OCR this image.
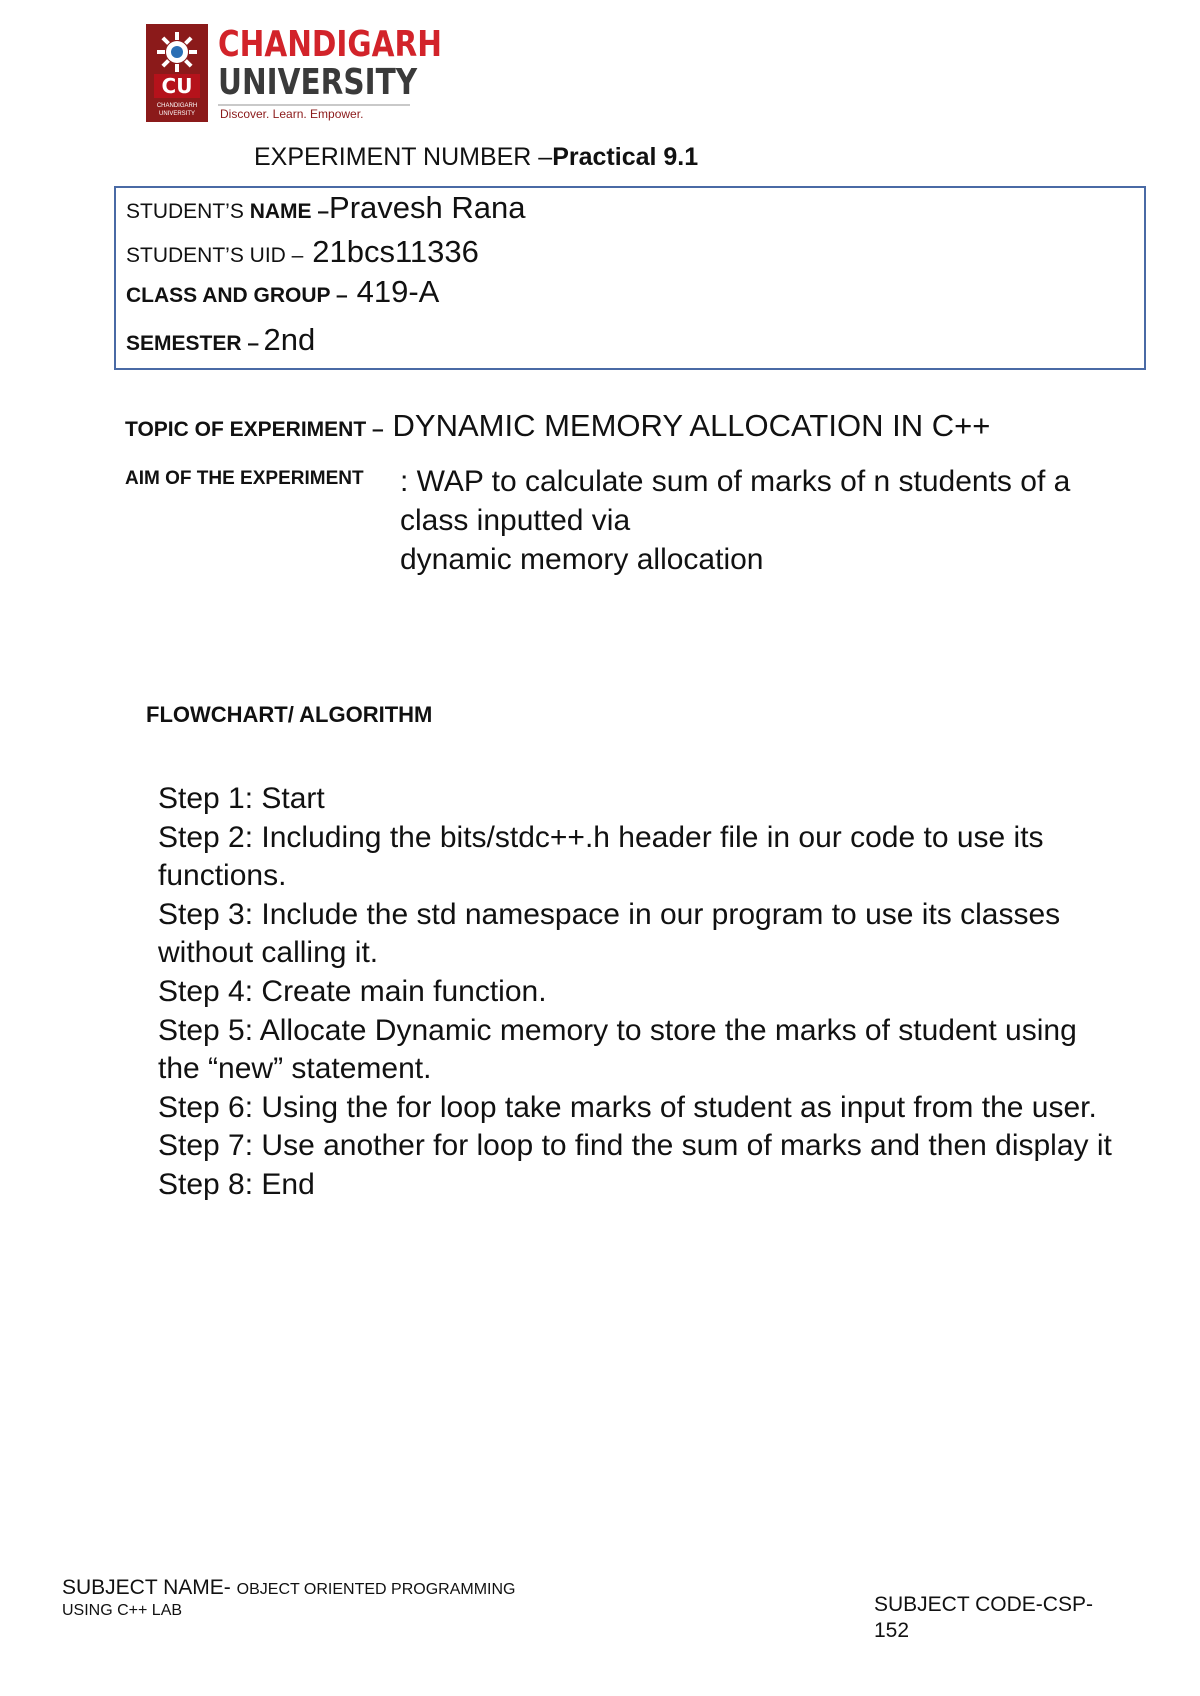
CU
CHANDIGARH UNIVERSITY
CHANDIGARH
UNIVERSITY
Discover. Learn. Empower.
EXPERIMENT NUMBER –Practical 9.1
STUDENT’S NAME –Pravesh Rana
STUDENT’S UID – 21bcs11336
CLASS AND GROUP – 419-A
SEMESTER – 2nd
TOPIC OF EXPERIMENT – DYNAMIC MEMORY ALLOCATION IN C++
AIM OF THE EXPERIMENT : WAP to calculate sum of marks of n students of a
class inputted via
dynamic memory allocation
FLOWCHART/ ALGORITHM
Step 1: Start
Step 2: Including the bits/stdc++.h header file in our code to use its
functions.
Step 3: Include the std namespace in our program to use its classes
without calling it.
Step 4: Create main function.
Step 5: Allocate Dynamic memory to store the marks of student using
the “new” statement.
Step 6: Using the for loop take marks of student as input from the user.
Step 7: Use another for loop to find the sum of marks and then display it
Step 8: End
SUBJECT NAME- OBJECT ORIENTED PROGRAMMING
USING C++ LAB	SUBJECT CODE-CSP-
152
